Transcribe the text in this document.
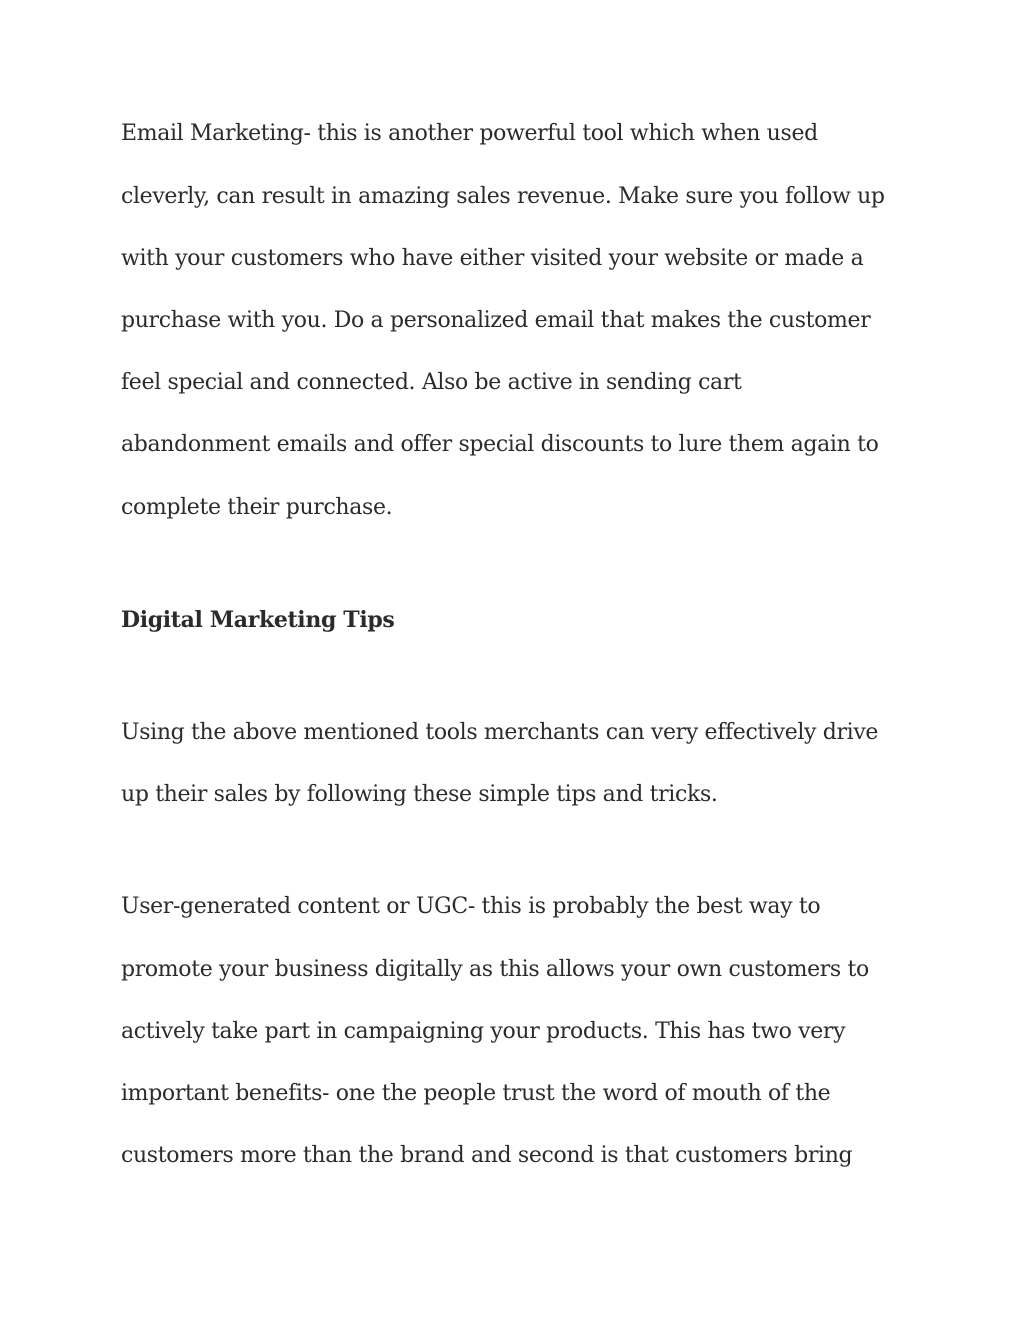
Email Marketing- this is another powerful tool which when used

cleverly, can result in amazing sales revenue. Make sure you follow up

with your customers who have either visited your website or made a

purchase with you. Do a personalized email that makes the customer

feel special and connected. Also be active in sending cart

abandonment emails and offer special discounts to lure them again to

complete their purchase.

Digital Marketing Tips

Using the above mentioned tools merchants can very effectively drive

up their sales by following these simple tips and tricks.

User-generated content or UGC- this is probably the best way to

promote your business digitally as this allows your own customers to

actively take part in campaigning your products. This has two very

important benefits- one the people trust the word of mouth of the

customers more than the brand and second is that customers bring
